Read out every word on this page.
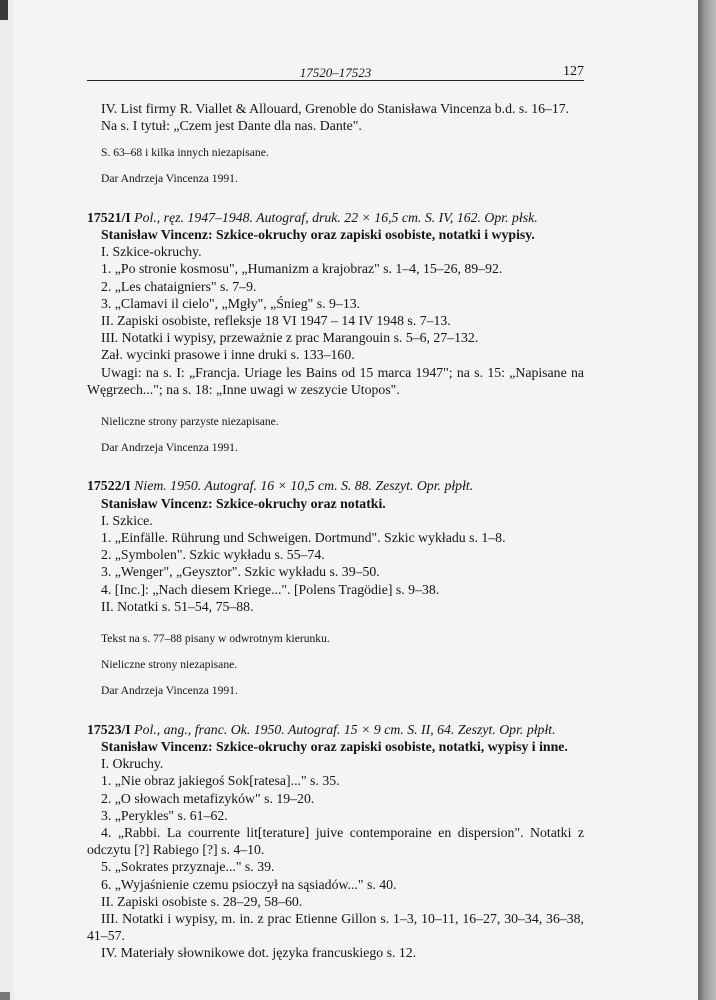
17520–17523	127

IV. List firmy R. Viallet & Allouard, Grenoble do Stanisława Vincenza b.d. s. 16–17.

Na s. I tytuł: „Czem jest Dante dla nas. Dante".

S. 63–68 i kilka innych niezapisane.

Dar Andrzeja Vincenza 1991.

17521/I Pol., ręz. 1947–1948. Autograf, druk. 22 × 16,5 cm. S. IV, 162. Opr. płsk.

Stanisław Vincenz: Szkice-okruchy oraz zapiski osobiste, notatki i wypisy.

I. Szkice-okruchy.

1. „Po stronie kosmosu", „Humanizm a krajobraz" s. 1–4, 15–26, 89–92.

2. „Les chataigniers" s. 7–9.

3. „Clamavi il cielo", „Mgły", „Śnieg" s. 9–13.

II. Zapiski osobiste, refleksje 18 VI 1947 – 14 IV 1948 s. 7–13.

III. Notatki i wypisy, przeważnie z prac Marangouin s. 5–6, 27–132.

Zał. wycinki prasowe i inne druki s. 133–160.

Uwagi: na s. I: „Francja. Uriage les Bains od 15 marca 1947"; na s. 15: „Napisane na Węgrzech..."; na s. 18: „Inne uwagi w zeszycie Utopos".

Nieliczne strony parzyste niezapisane.

Dar Andrzeja Vincenza 1991.

17522/I Niem. 1950. Autograf. 16 × 10,5 cm. S. 88. Zeszyt. Opr. płpłt.

Stanisław Vincenz: Szkice-okruchy oraz notatki.

I. Szkice.

1. „Einfälle. Rührung und Schweigen. Dortmund". Szkic wykładu s. 1–8.

2. „Symbolen". Szkic wykładu s. 55–74.

3. „Wenger", „Geysztor". Szkic wykładu s. 39–50.

4. [Inc.]: „Nach diesem Kriege...". [Polens Tragödie] s. 9–38.

II. Notatki s. 51–54, 75–88.

Tekst na s. 77–88 pisany w odwrotnym kierunku.

Nieliczne strony niezapisane.

Dar Andrzeja Vincenza 1991.

17523/I Pol., ang., franc. Ok. 1950. Autograf. 15 × 9 cm. S. II, 64. Zeszyt. Opr. płpłt.

Stanisław Vincenz: Szkice-okruchy oraz zapiski osobiste, notatki, wypisy i inne.

I. Okruchy.

1. „Nie obraz jakiegoś Sok[ratesa]..." s. 35.

2. „O słowach metafizyków" s. 19–20.

3. „Perykles" s. 61–62.

4. „Rabbi. La courrente lit[terature] juive contemporaine en dispersion". Notatki z odczytu [?] Rabiego [?] s. 4–10.

5. „Sokrates przyznaje..." s. 39.

6. „Wyjaśnienie czemu psioczył na sąsiadów..." s. 40.

II. Zapiski osobiste s. 28–29, 58–60.

III. Notatki i wypisy, m. in. z prac Etienne Gillon s. 1–3, 10–11, 16–27, 30–34, 36–38, 41–57.

IV. Materiały słownikowe dot. języka francuskiego s. 12.
